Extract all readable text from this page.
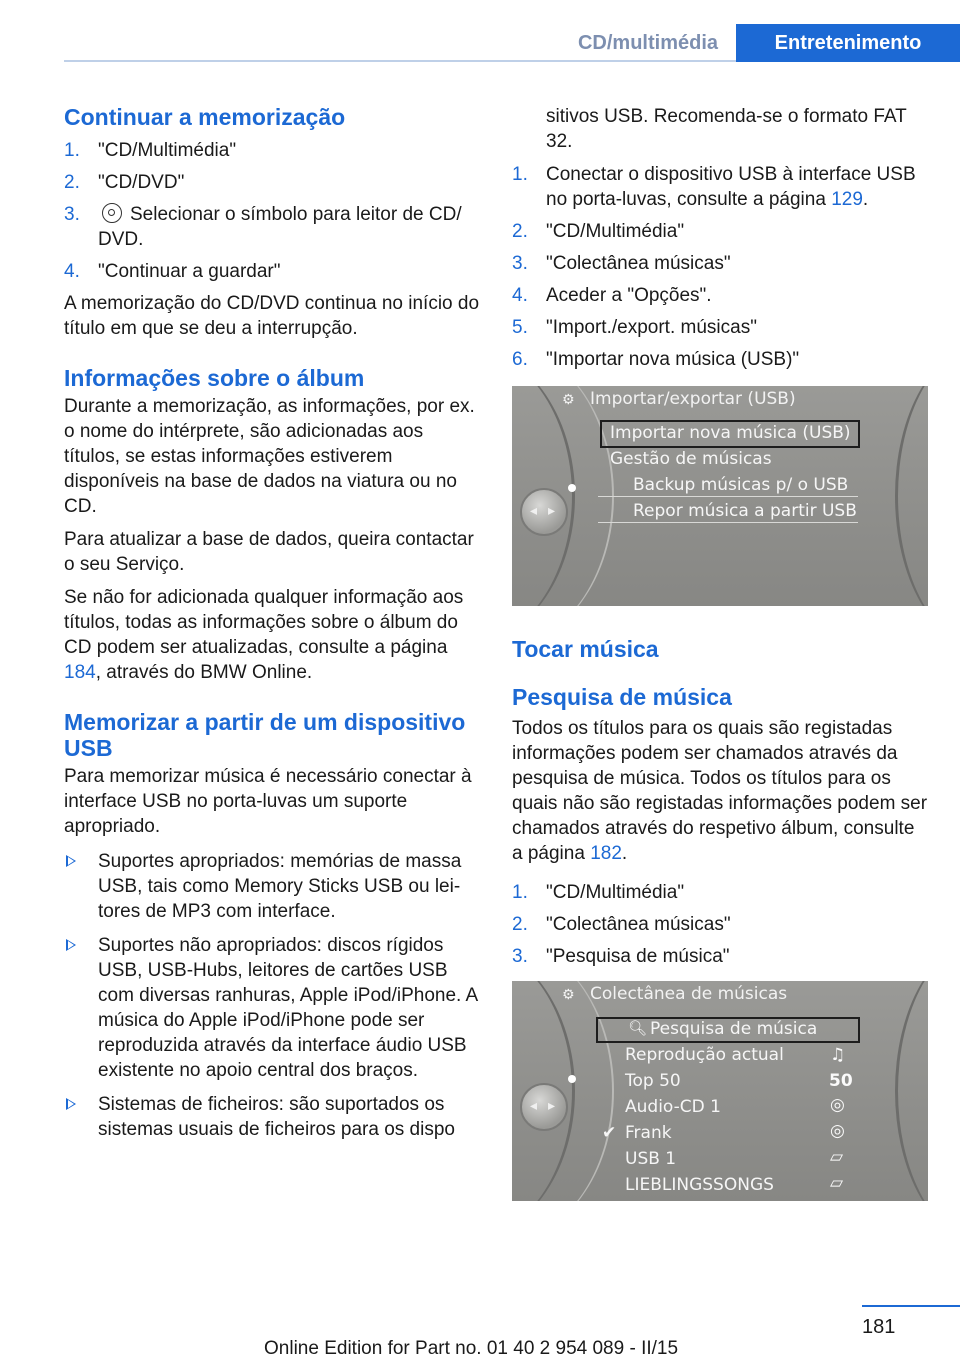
CD/multimédia	Entretenimento
Continuar a memorização
1. "CD/Multimédia"
2. "CD/DVD"
3.	Selecionar o símbolo para leitor de CD/ DVD.
4. "Continuar a guardar"

A memorização do CD/DVD continua no início do título em que se deu a interrupção.

Informações sobre o álbum

Durante a memorização, as informações, por ex. o nome do intérprete, são adicionadas aos títulos, se estas informações estiverem disponíveis na base de dados na viatura ou no CD.

Para atualizar a base de dados, queira contactar o seu Serviço.

Se não for adicionada qualquer informação aos títulos, todas as informações sobre o álbum do CD podem ser atualizadas, consulte a página 184, através do BMW Online.

Memorizar a partir de um dispositivo USB

Para memorizar música é necessário conectar à interface USB no porta-luvas um suporte apropriado.

Suportes apropriados: memórias de massa USB, tais como Memory Sticks USB ou leitores de MP3 com interface.
Suportes não apropriados: discos rígidos USB, USB-Hubs, leitores de cartões USB com diversas ranhuras, Apple iPod/iPhone. A música do Apple iPod/iPhone pode ser reproduzida através da interface áudio USB existente no apoio central dos braços.
Sistemas de ficheiros: são suportados os sistemas usuais de ficheiros para os dispo

sitivos USB. Recomenda-se o formato FAT 32.

1. Conectar o dispositivo USB à interface USB no porta-luvas, consulte a página 129.
2. "CD/Multimédia"
3. "Colectânea músicas"
4. Aceder a "Opções".
5. "Import./export. músicas"
6. "Importar nova música (USB)"
◂ ▸
⚙ Importar/exportar (USB)
Importar nova música (USB)
Gestão de músicas
Backup músicas p/ o USB
Repor música a partir USB
Tocar música
Pesquisa de música

Todos os títulos para os quais são registadas informações podem ser chamados através da pesquisa de música. Todos os títulos para os quais não são registadas informações podem ser chamados através do respetivo álbum, consulte a página 182.

1. "CD/Multimédia"
2. "Colectânea músicas"
3. "Pesquisa de música"
◂ ▸
⚙ Colectânea de músicas
🔍︎ Pesquisa de música
Reprodução actual	♫
Top 50	50
Audio-CD 1	◎
✔ Frank	◎
USB 1	▱
LIEBLINGSSONGS	▱
181
Online Edition for Part no. 01 40 2 954 089 - II/15
